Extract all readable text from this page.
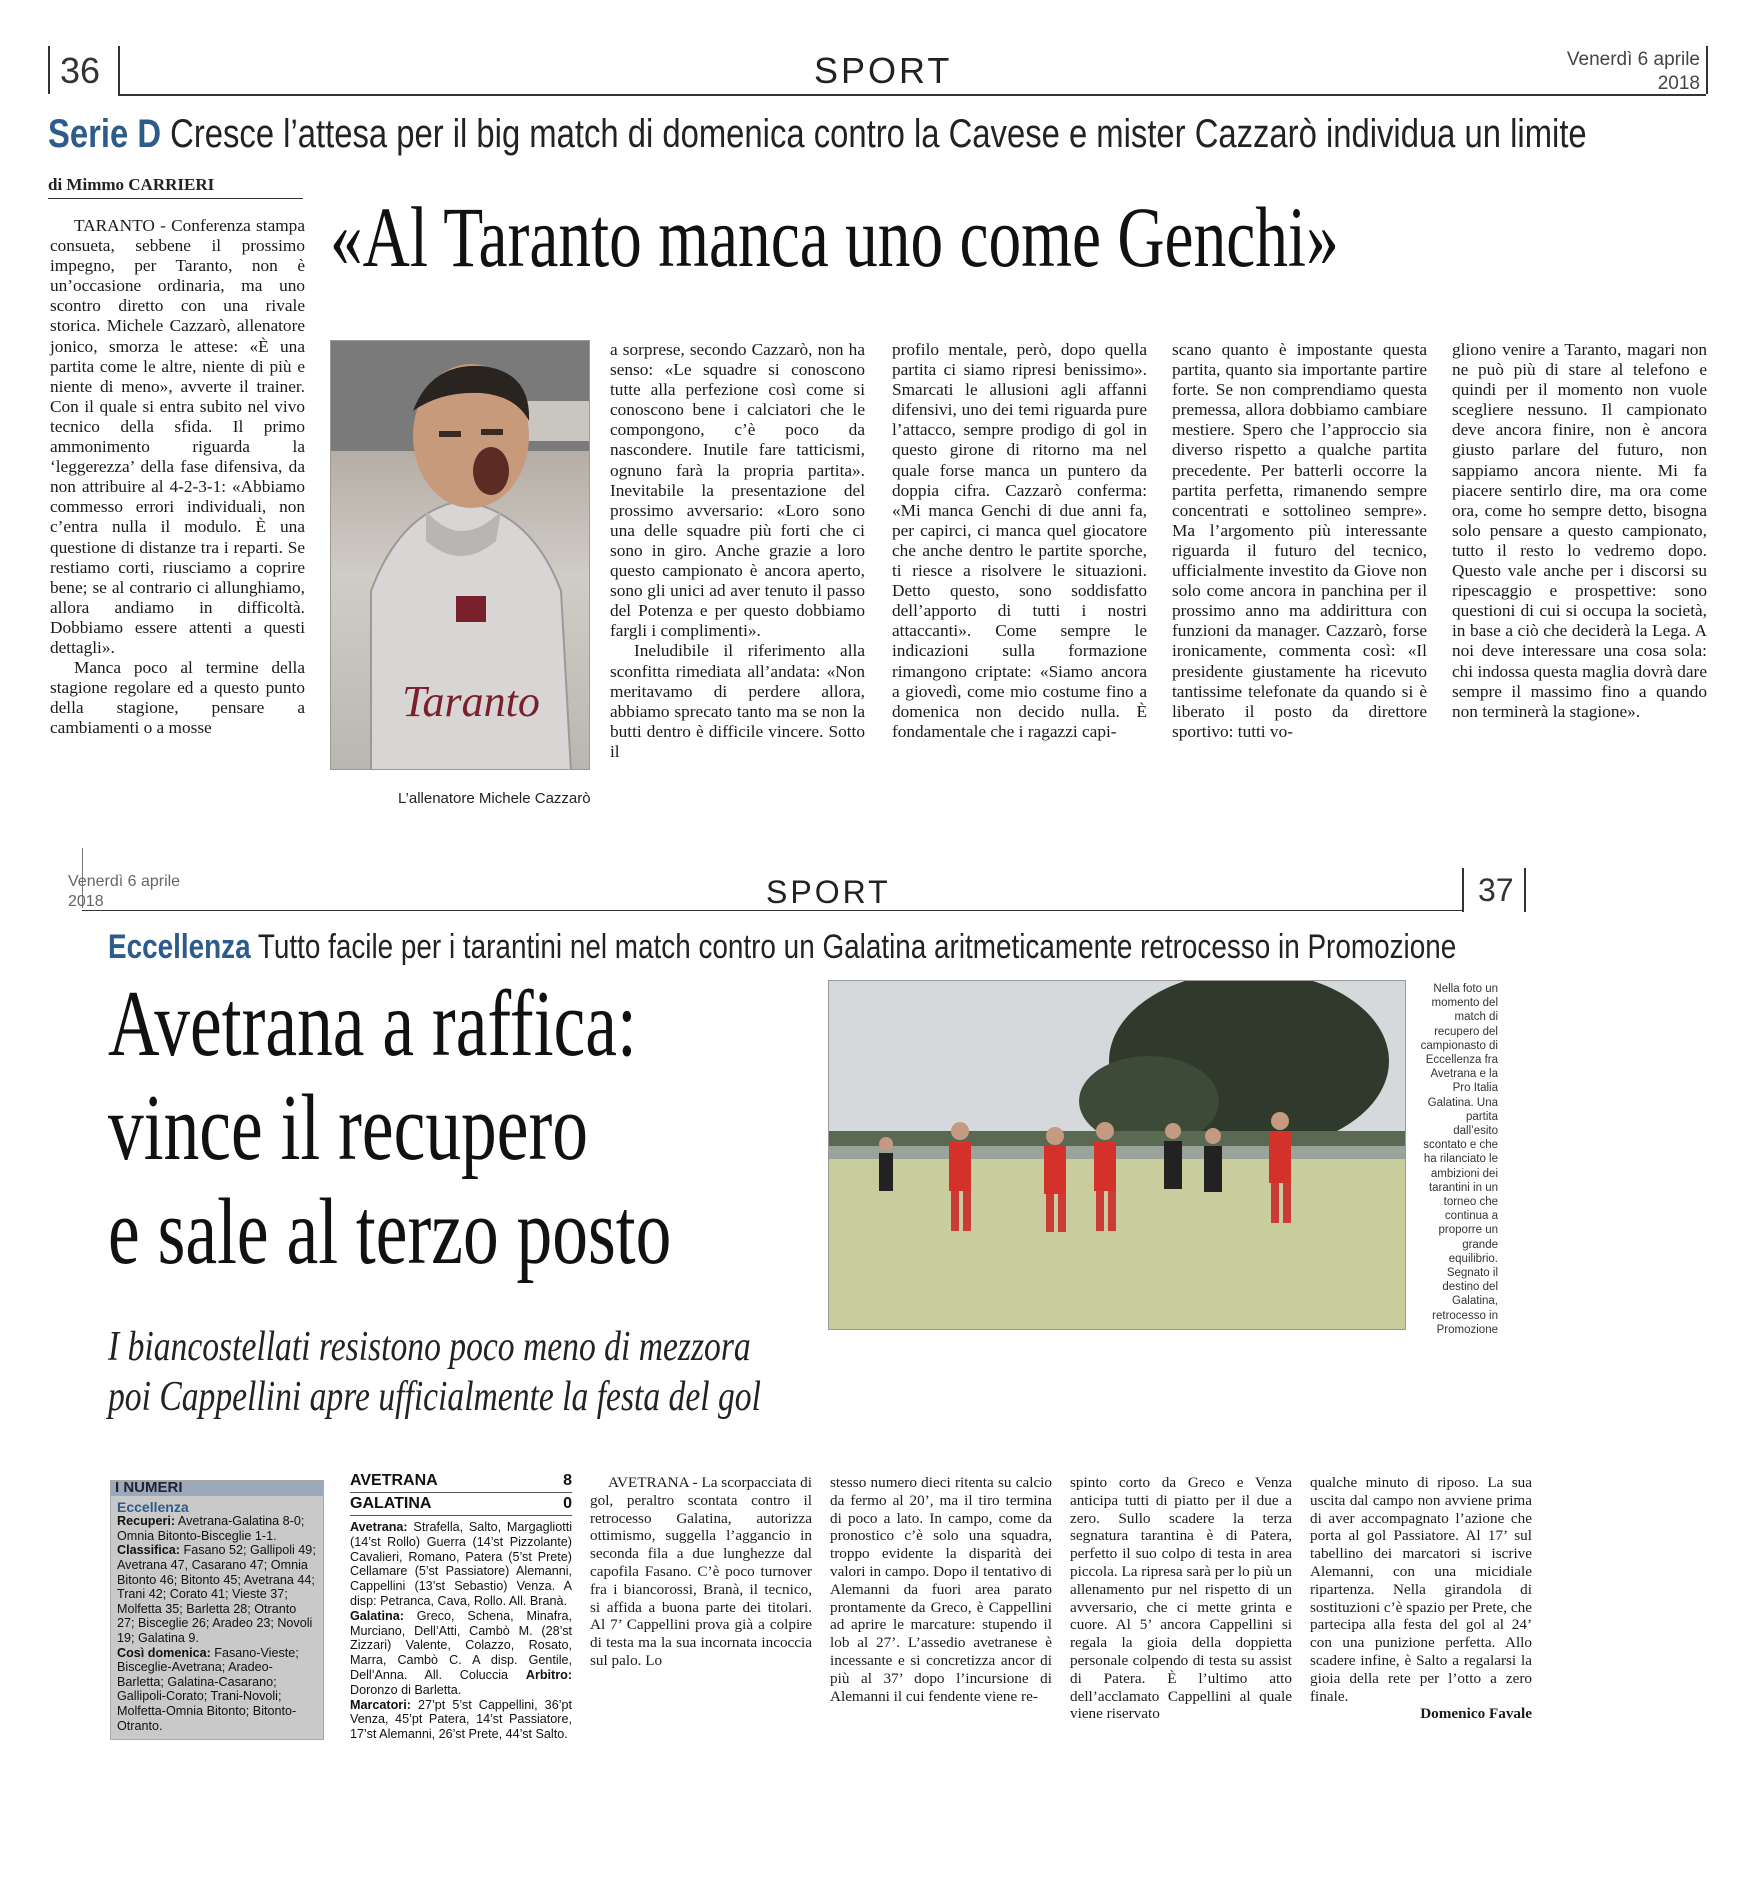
36	SPORT	Venerdì 6 aprile
2018
Serie D Cresce l’attesa per il big match di domenica contro la Cavese e mister Cazzarò individua un limite
di Mimmo CARRIERI
«Al Taranto manca uno come Genchi»

TARANTO - Conferenza stampa consueta, sebbene il prossimo impegno, per Taranto, non è un’occasione ordinaria, ma uno scontro diretto con una rivale storica. Michele Cazzarò, allenatore jonico, smorza le attese: «È una partita come le altre, niente di più e niente di meno», avverte il trainer. Con il quale si entra subito nel vivo tecnico della sfida. Il primo ammonimento riguarda la ‘leggerezza’ della fase difensiva, da non attribuire al 4-2-3-1: «Abbiamo commesso errori individuali, non c’entra nulla il modulo. È una questione di distanze tra i reparti. Se restiamo corti, riusciamo a coprire bene; se al contrario ci allunghiamo, allora andiamo in difficoltà. Dobbiamo essere attenti a questi dettagli».

Manca poco al termine della stagione regolare ed a questo punto della stagione, pensare a cambiamenti o a mosse

Taranto
L’allenatore Michele Cazzarò

a sorprese, secondo Cazzarò, non ha senso: «Le squadre si conoscono tutte alla perfezione così come si conoscono bene i calciatori che le compongono, c’è poco da nascondere. Inutile fare tatticismi, ognuno farà la propria partita». Inevitabile la presentazione del prossimo avversario: «Loro sono una delle squadre più forti che ci sono in giro. Anche grazie a loro questo campionato è ancora aperto, sono gli unici ad aver tenuto il passo del Potenza e per questo dobbiamo fargli i complimenti».

Ineludibile il riferimento alla sconfitta rimediata all’andata: «Non meritavamo di perdere allora, abbiamo sprecato tanto ma se non la butti dentro è difficile vincere. Sotto il

profilo mentale, però, dopo quella partita ci siamo ripresi benissimo». Smarcati le allusioni agli affanni difensivi, uno dei temi riguarda pure l’attacco, sempre prodigo di gol in questo girone di ritorno ma nel quale forse manca un puntero da doppia cifra. Cazzarò conferma: «Mi manca Genchi di due anni fa, per capirci, ci manca quel giocatore che anche dentro le partite sporche, ti riesce a risolvere le situazioni. Detto questo, sono soddisfatto dell’apporto di tutti i nostri attaccanti». Come sempre le indicazioni sulla formazione rimangono criptate: «Siamo ancora a giovedì, come mio costume fino a domenica non decido nulla. È fondamentale che i ragazzi capi-

scano quanto è impostante questa partita, quanto sia importante partire forte. Se non comprendiamo questa premessa, allora dobbiamo cambiare mestiere. Spero che l’approccio sia diverso rispetto a qualche partita precedente. Per batterli occorre la partita perfetta, rimanendo sempre concentrati e sottolineo sempre». Ma l’argomento più interessante riguarda il futuro del tecnico, ufficialmente investito da Giove non solo come ancora in panchina per il prossimo anno ma addirittura con funzioni da manager. Cazzarò, forse ironicamente, commenta così: «Il presidente giustamente ha ricevuto tantissime telefonate da quando si è liberato il posto da direttore sportivo: tutti vo-

gliono venire a Taranto, magari non ne può più di stare al telefono e quindi per il momento non vuole scegliere nessuno. Il campionato deve ancora finire, non è ancora giusto parlare del futuro, non sappiamo ancora niente. Mi fa piacere sentirlo dire, ma ora come ora, come ho sempre detto, bisogna solo pensare a questo campionato, tutto il resto lo vedremo dopo. Questo vale anche per i discorsi su ripescaggio e prospettive: sono questioni di cui si occupa la società, in base a ciò che deciderà la Lega. A noi deve interessare una cosa sola: chi indossa questa maglia dovrà dare sempre il massimo fino a quando non terminerà la stagione».

Venerdì 6 aprile
2018	SPORT	37
Eccellenza Tutto facile per i tarantini nel match contro un Galatina aritmeticamente retrocesso in Promozione
Avetrana a raffica:
vince il recupero
e sale al terzo posto
I biancostellati resistono poco meno di mezzora
poi Cappellini apre ufficialmente la festa del gol
Nella foto un momento del match di recupero del campionasto di Eccellenza fra Avetrana e la Pro Italia Galatina. Una partita dall’esito scontato e che ha rilanciato le ambizioni dei tarantini in un torneo che continua a proporre un grande equilibrio. Segnato il destino del Galatina, retrocesso in Promozione
I NUMERI
Eccellenza
Recuperi: Avetrana-Galatina 8-0; Omnia Bitonto-Bisceglie 1-1.
Classifica: Fasano 52; Gallipoli 49; Avetrana 47, Casarano 47; Omnia Bitonto 46; Bitonto 45; Avetrana 44; Trani 42; Corato 41; Vieste 37; Molfetta 35; Barletta 28; Otranto 27; Bisceglie 26; Aradeo 23; Novoli 19; Galatina 9.
Così domenica: Fasano-Vieste; Bisceglie-Avetrana; Aradeo-Barletta; Galatina-Casarano; Gallipoli-Corato; Trani-Novoli; Molfetta-Omnia Bitonto; Bitonto-Otranto.
AVETRANA	8
GALATINA	0
Avetrana: Strafella, Salto, Margagliotti (14’st Rollo) Guerra (14’st Pizzolante) Cavalieri, Romano, Patera (5’st Prete) Cellamare (5’st Passiatore) Alemanni, Cappellini (13’st Sebastio) Venza. A disp: Petranca, Cava, Rollo. All. Branà.
Galatina: Greco, Schena, Minafra, Murciano, Dell’Atti, Cambò M. (28’st Zizzari) Valente, Colazzo, Rosato, Marra, Cambò C. A disp. Gentile, Dell’Anna. All. Coluccia Arbitro: Doronzo di Barletta.
Marcatori: 27’pt 5’st Cappellini, 36’pt Venza, 45’pt Patera, 14’st Passiatore, 17’st Alemanni, 26’st Prete, 44’st Salto.

AVETRANA - La scorpacciata di gol, peraltro scontata contro il retrocesso Galatina, autorizza ottimismo, suggella l’aggancio in seconda fila a due lunghezze dal capofila Fasano. C’è poco turnover fra i biancorossi, Branà, il tecnico, si affida a buona parte dei titolari. Al 7’ Cappellini prova già a colpire di testa ma la sua incornata incoccia sul palo. Lo

stesso numero dieci ritenta su calcio da fermo al 20’, ma il tiro termina di poco a lato. In campo, come da pronostico c’è solo una squadra, troppo evidente la disparità dei valori in campo. Dopo il tentativo di Alemanni da fuori area parato prontamente da Greco, è Cappellini ad aprire le marcature: stupendo il lob al 27’. L’assedio avetranese è incessante e si concretizza ancor di più al 37’ dopo l’incursione di Alemanni il cui fendente viene re-

spinto corto da Greco e Venza anticipa tutti di piatto per il due a zero. Sullo scadere la terza segnatura tarantina è di Patera, perfetto il suo colpo di testa in area piccola. La ripresa sarà per lo più un allenamento pur nel rispetto di un avversario, che ci mette grinta e cuore. Al 5’ ancora Cappellini si regala la gioia della doppietta personale colpendo di testa su assist di Patera. È l’ultimo atto dell’acclamato Cappellini al quale viene riservato

qualche minuto di riposo. La sua uscita dal campo non avviene prima di aver accompagnato l’azione che porta al gol Passiatore. Al 17’ sul tabellino dei marcatori si iscrive Alemanni, con una micidiale ripartenza. Nella girandola di sostituzioni c’è spazio per Prete, che partecipa alla festa del gol al 24’ con una punizione perfetta. Allo scadere infine, è Salto a regalarsi la gioia della rete per l’otto a zero finale.

Domenico Favale
